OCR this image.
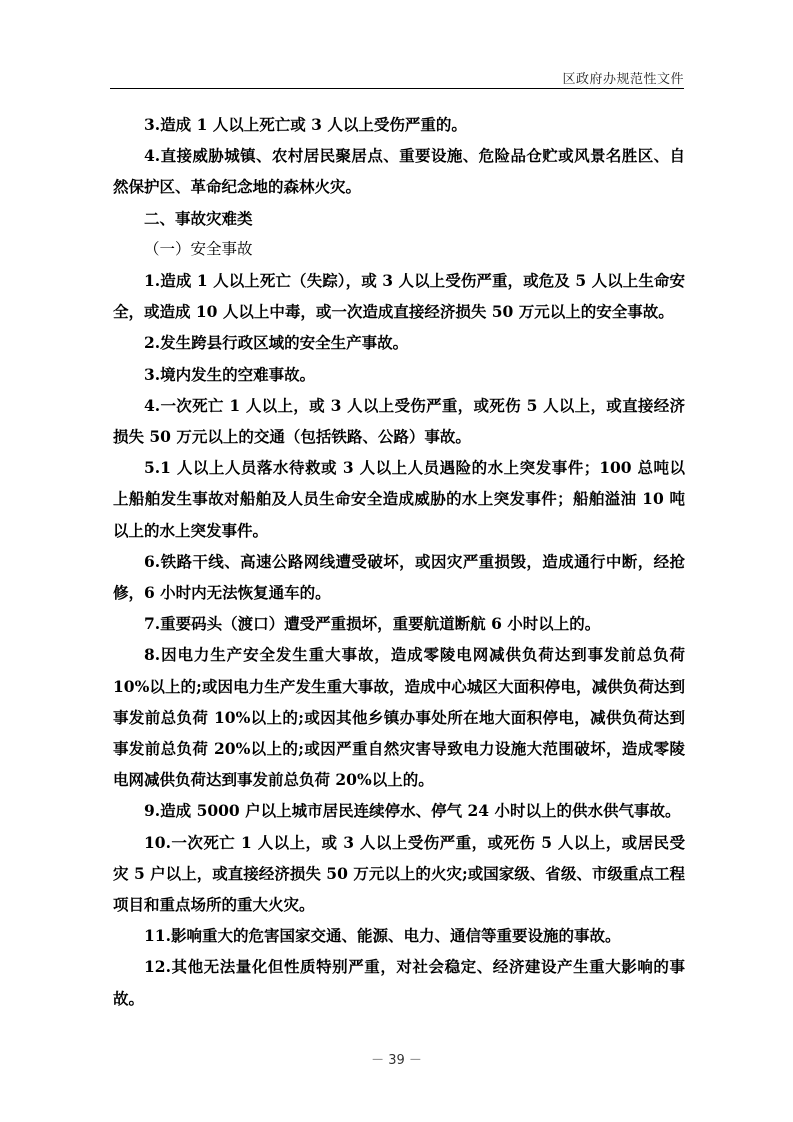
区政府办规范性文件

3.造成 1 人以上死亡或 3 人以上受伤严重的。

4.直接威胁城镇、农村居民聚居点、重要设施、危险品仓贮或风景名胜区、自然保护区、革命纪念地的森林火灾。

二、事故灾难类

（一）安全事故

1.造成 1 人以上死亡（失踪），或 3 人以上受伤严重，或危及 5 人以上生命安全，或造成 10 人以上中毒，或一次造成直接经济损失 50 万元以上的安全事故。

2.发生跨县行政区域的安全生产事故。

3.境内发生的空难事故。

4.一次死亡 1 人以上，或 3 人以上受伤严重，或死伤 5 人以上，或直接经济损失 50 万元以上的交通（包括铁路、公路）事故。

5.1 人以上人员落水待救或 3 人以上人员遇险的水上突发事件；100 总吨以上船舶发生事故对船舶及人员生命安全造成威胁的水上突发事件；船舶溢油 10 吨以上的水上突发事件。

6.铁路干线、高速公路网线遭受破坏，或因灾严重损毁，造成通行中断，经抢修，6 小时内无法恢复通车的。

7.重要码头（渡口）遭受严重损坏，重要航道断航 6 小时以上的。

8.因电力生产安全发生重大事故，造成零陵电网减供负荷达到事发前总负荷10%以上的;或因电力生产发生重大事故，造成中心城区大面积停电，减供负荷达到事发前总负荷 10%以上的;或因其他乡镇办事处所在地大面积停电，减供负荷达到事发前总负荷 20%以上的;或因严重自然灾害导致电力设施大范围破坏，造成零陵电网减供负荷达到事发前总负荷 20%以上的。

9.造成 5000 户以上城市居民连续停水、停气 24 小时以上的供水供气事故。

10.一次死亡 1 人以上，或 3 人以上受伤严重，或死伤 5 人以上，或居民受灾 5 户以上，或直接经济损失 50 万元以上的火灾;或国家级、省级、市级重点工程项目和重点场所的重大火灾。

11.影响重大的危害国家交通、能源、电力、通信等重要设施的事故。

12.其他无法量化但性质特别严重，对社会稳定、经济建设产生重大影响的事故。

－ 39 －
